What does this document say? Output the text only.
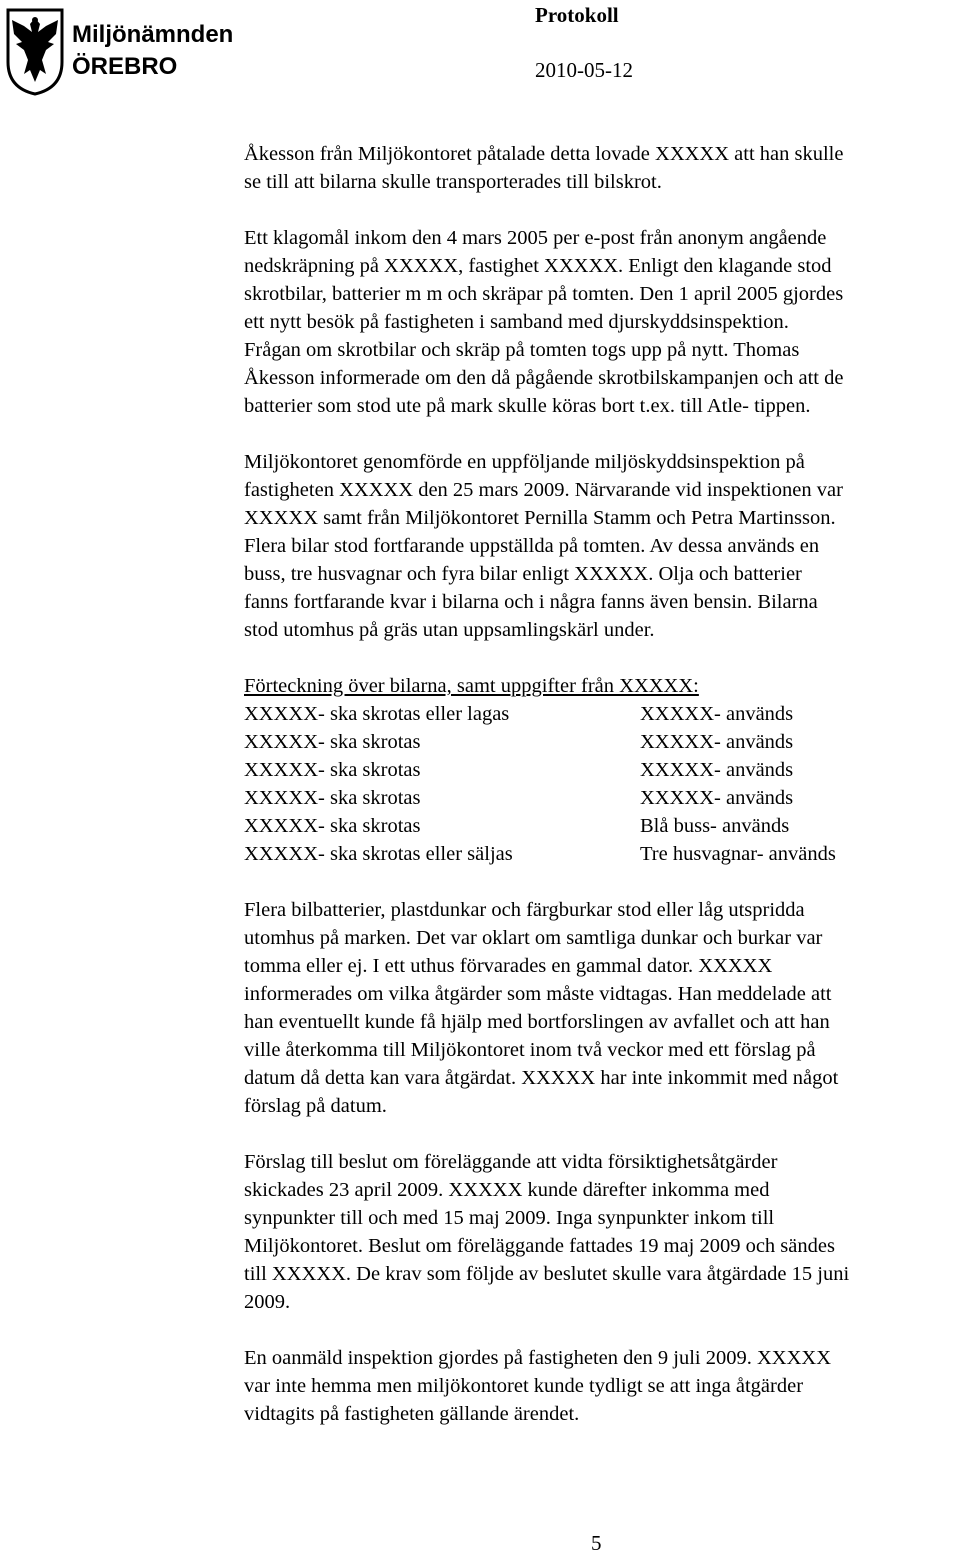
Miljönämnden
ÖREBRO
Protokoll
2010-05-12

Åkesson från Miljökontoret påtalade detta lovade XXXXX att han skulle
se till att bilarna skulle transporterades till bilskrot.

Ett klagomål inkom den 4 mars 2005 per e-post från anonym angående
nedskräpning på XXXXX, fastighet XXXXX. Enligt den klagande stod
skrotbilar, batterier m m och skräpar på tomten. Den 1 april 2005 gjordes
ett nytt besök på fastigheten i samband med djurskyddsinspektion.
Frågan om skrotbilar och skräp på tomten togs upp på nytt. Thomas
Åkesson informerade om den då pågående skrotbilskampanjen och att de
batterier som stod ute på mark skulle köras bort t.ex. till Atle- tippen.

Miljökontoret genomförde en uppföljande miljöskyddsinspektion på
fastigheten XXXXX den 25 mars 2009. Närvarande vid inspektionen var
XXXXX samt från Miljökontoret Pernilla Stamm och Petra Martinsson.
Flera bilar stod fortfarande uppställda på tomten. Av dessa används en
buss, tre husvagnar och fyra bilar enligt XXXXX. Olja och batterier
fanns fortfarande kvar i bilarna och i några fanns även bensin. Bilarna
stod utomhus på gräs utan uppsamlingskärl under.

Förteckning över bilarna, samt uppgifter från XXXXX:

XXXXX- ska skrotas eller lagas	XXXXX- används
XXXXX- ska skrotas	XXXXX- används
XXXXX- ska skrotas	XXXXX- används
XXXXX- ska skrotas	XXXXX- används
XXXXX- ska skrotas	Blå buss- används
XXXXX- ska skrotas eller säljas	Tre husvagnar- används

Flera bilbatterier, plastdunkar och färgburkar stod eller låg utspridda
utomhus på marken. Det var oklart om samtliga dunkar och burkar var
tomma eller ej. I ett uthus förvarades en gammal dator. XXXXX
informerades om vilka åtgärder som måste vidtagas. Han meddelade att
han eventuellt kunde få hjälp med bortforslingen av avfallet och att han
ville återkomma till Miljökontoret inom två veckor med ett förslag på
datum då detta kan vara åtgärdat. XXXXX har inte inkommit med något
förslag på datum.

Förslag till beslut om föreläggande att vidta försiktighetsåtgärder
skickades 23 april 2009. XXXXX kunde därefter inkomma med
synpunkter till och med 15 maj 2009. Inga synpunkter inkom till
Miljökontoret. Beslut om föreläggande fattades 19 maj 2009 och sändes
till XXXXX. De krav som följde av beslutet skulle vara åtgärdade 15 juni
2009.

En oanmäld inspektion gjordes på fastigheten den 9 juli 2009. XXXXX
var inte hemma men miljökontoret kunde tydligt se att inga åtgärder
vidtagits på fastigheten gällande ärendet.

5
